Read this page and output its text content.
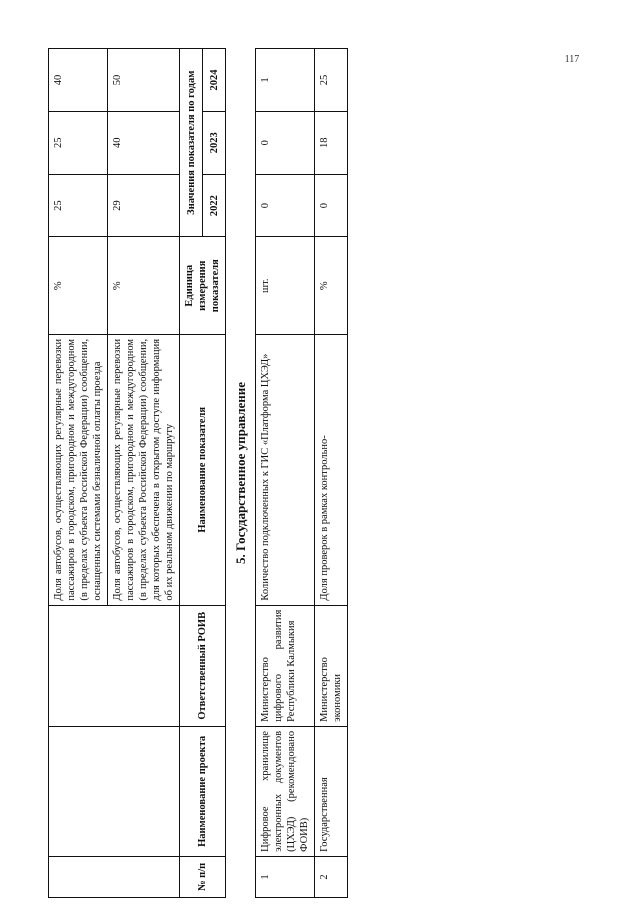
117
			Доля автобусов, осуществляющих регулярные перевозки пассажиров в городском, пригородном и междугородном (в пределах субъекта Российской Федерации) сообщении, оснащенных системами безналичной оплаты проезда	%	25	25	40
			Доля автобусов, осуществляющих регулярные перевозки пассажиров в городском, пригородном и междугородном (в пределах субъекта Российской Федерации) сообщении, для которых обеспечена в открытом доступе информация об их реальном движении по маршруту	%	29	40	50
№ п/п	Наименование проекта	Ответственный РОИВ	Наименование показателя	Единица измерения показателя	Значения показателя по годам		
					2022	2023	2024
5. Государственное управление							
1	Цифровое хранилище электронных документов (ЦХЭД) (рекомендовано ФОИВ)	Министерство цифрового развития Республики Калмыкия	Количество подключенных к ГИС «Платформа ЦХЭД»	шт.	0	0	1
2	Государственная	Министерство экономики	Доля проверок в рамках контрольно-	%	0	18	25
